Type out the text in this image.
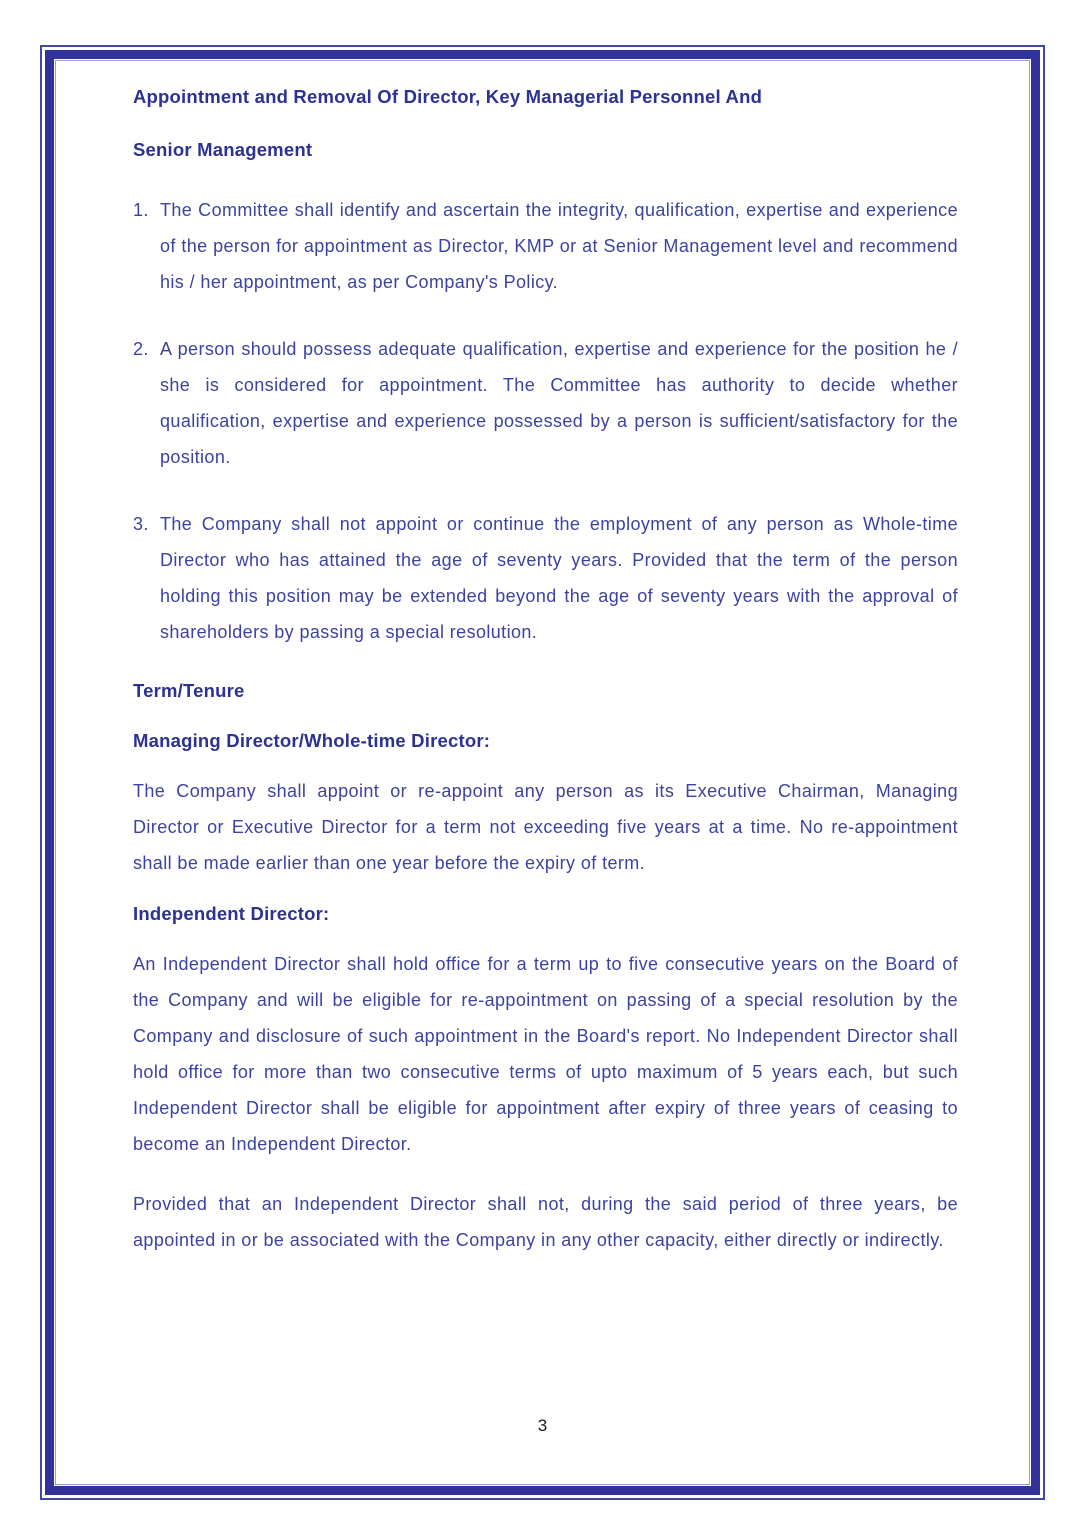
Appointment and Removal Of Director, Key Managerial Personnel And
Senior Management
1. The Committee shall identify and ascertain the integrity, qualification, expertise and experience of the person for appointment as Director, KMP or at Senior Management level and recommend his / her appointment, as per Company's Policy.
2. A person should possess adequate qualification, expertise and experience for the position he / she is considered for appointment. The Committee has authority to decide whether qualification, expertise and experience possessed by a person is sufficient/satisfactory for the position.
3. The Company shall not appoint or continue the employment of any person as Whole-time Director who has attained the age of seventy years. Provided that the term of the person holding this position may be extended beyond the age of seventy years with the approval of shareholders by passing a special resolution.
Term/Tenure
Managing Director/Whole-time Director:
The Company shall appoint or re-appoint any person as its Executive Chairman, Managing Director or Executive Director for a term not exceeding five years at a time. No re-appointment shall be made earlier than one year before the expiry of term.
Independent Director:
An Independent Director shall hold office for a term up to five consecutive years on the Board of the Company and will be eligible for re-appointment on passing of a special resolution by the Company and disclosure of such appointment in the Board's report. No Independent Director shall hold office for more than two consecutive terms of upto maximum of 5 years each, but such Independent Director shall be eligible for appointment after expiry of three years of ceasing to become an Independent Director.
Provided that an Independent Director shall not, during the said period of three years, be appointed in or be associated with the Company in any other capacity, either directly or indirectly.
3
